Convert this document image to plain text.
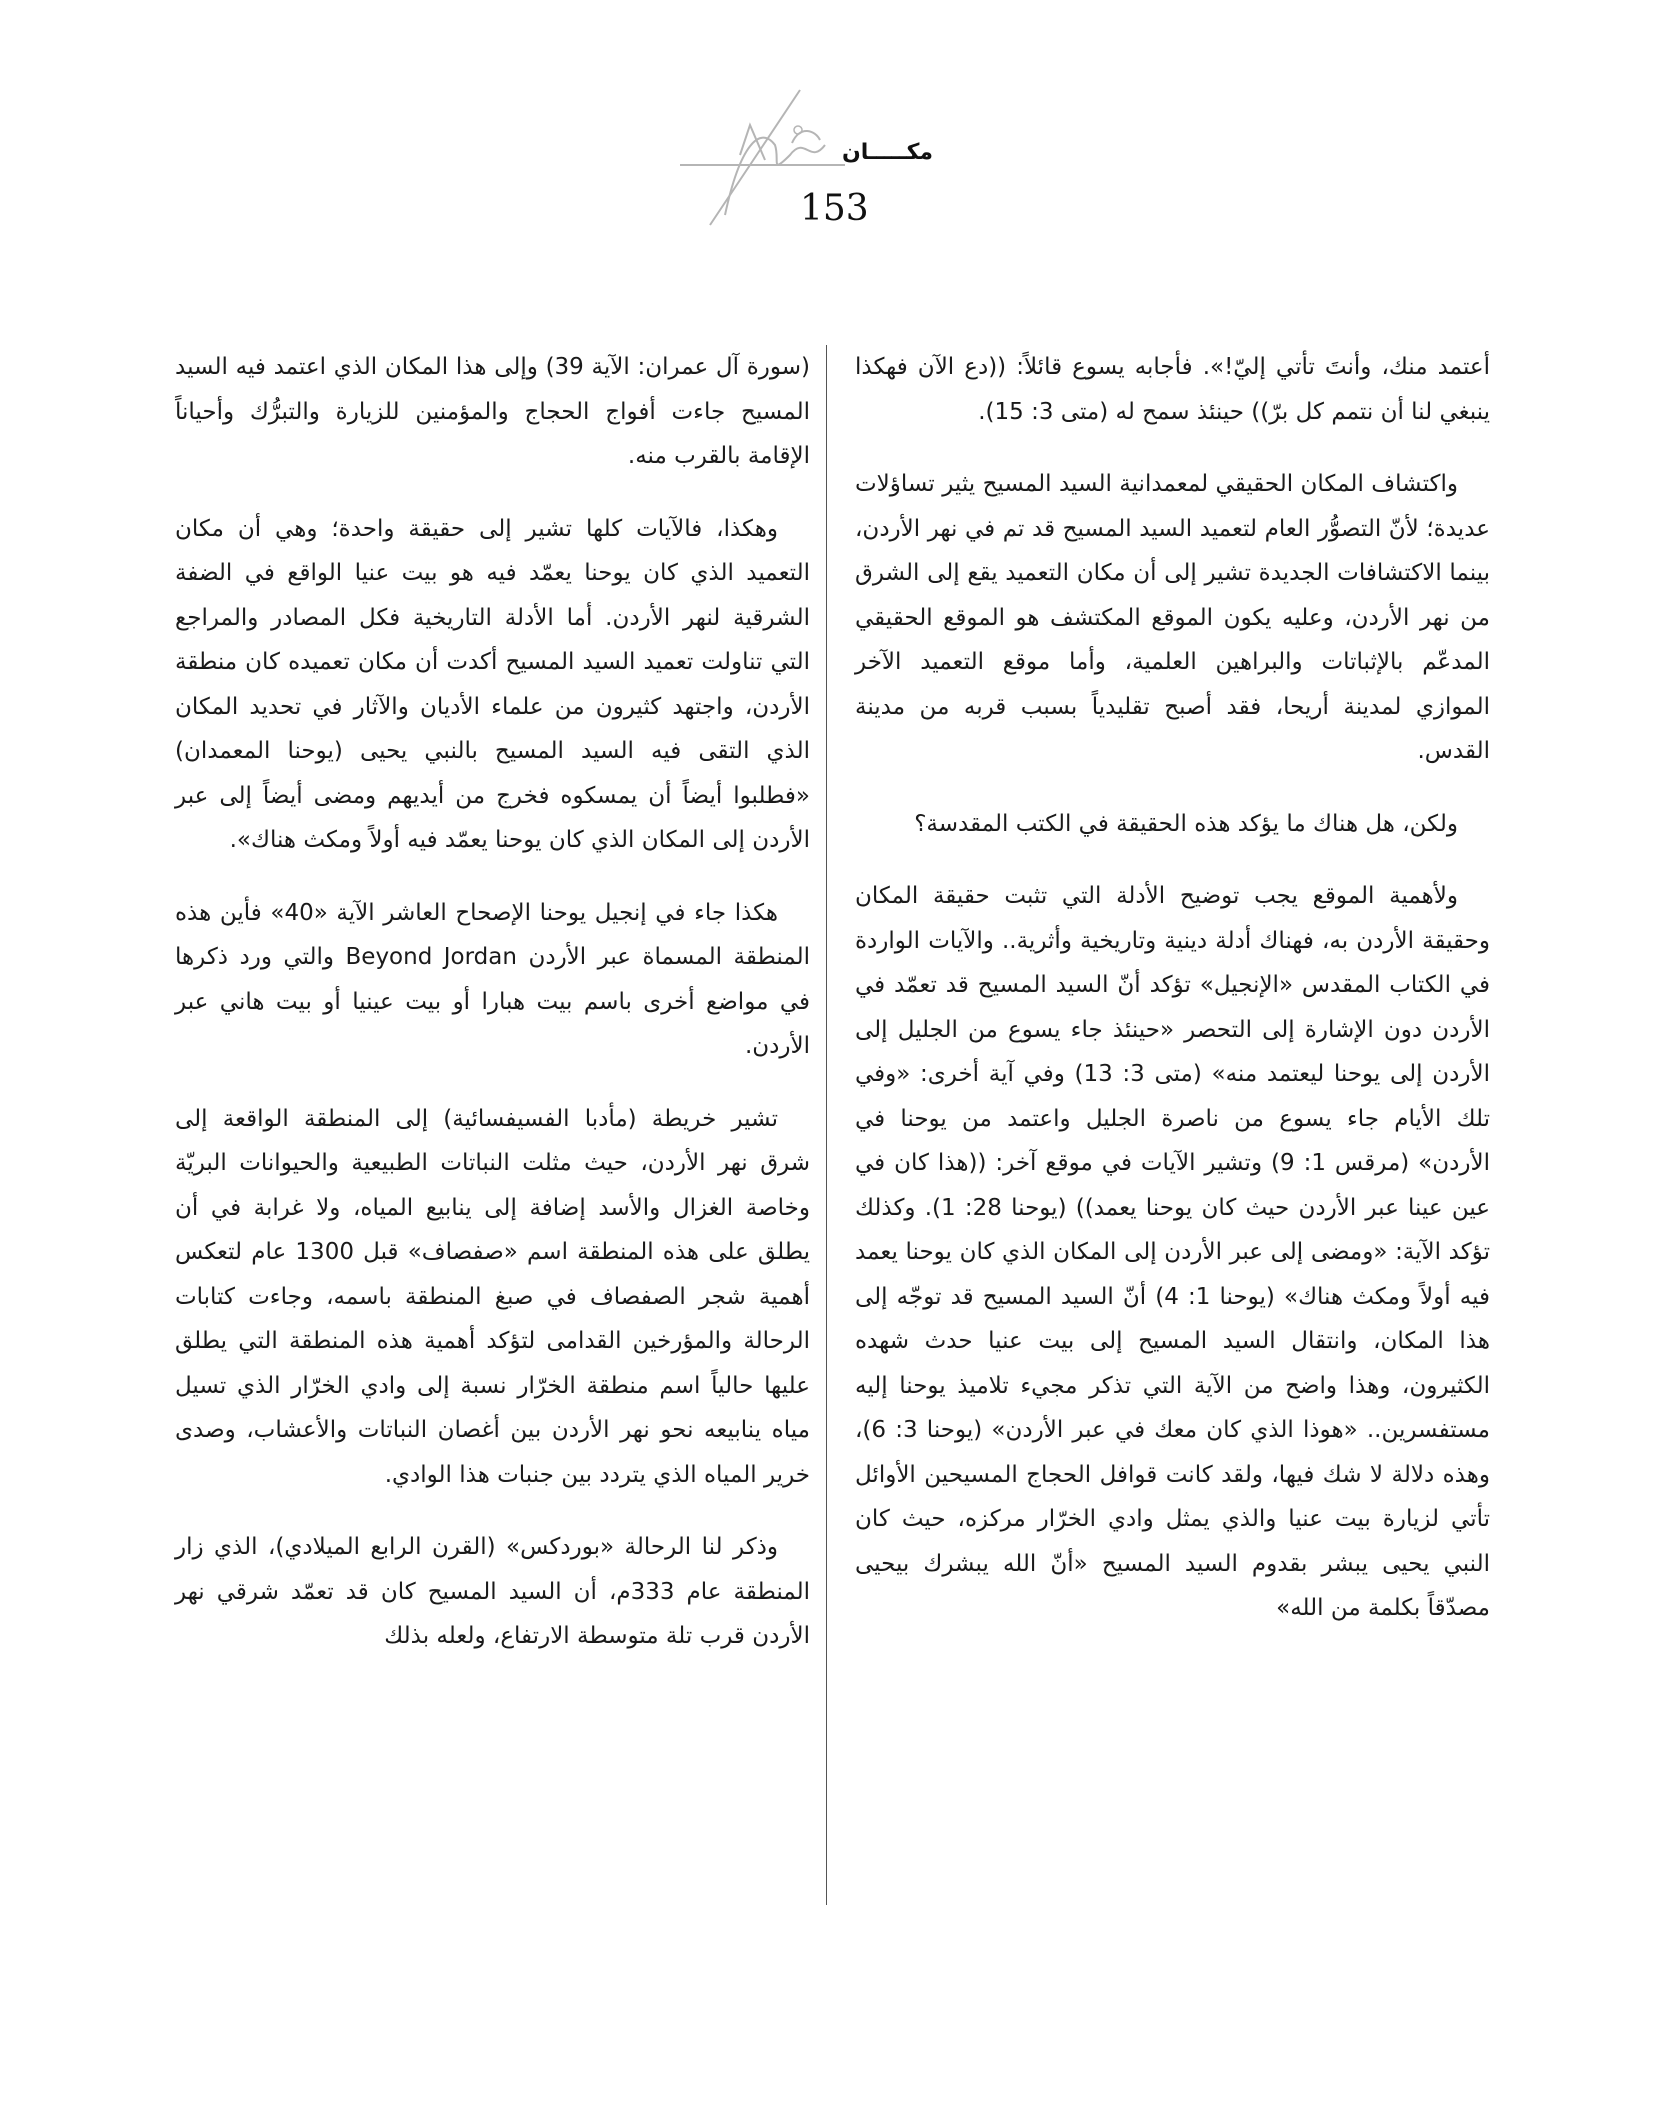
مكـــــان
153

أعتمد منك، وأنتَ تأتي إليّ!». فأجابه يسوع قائلاً: ((دع الآن فهكذا ينبغي لنا أن نتمم كل برّ)) حينئذ سمح له (متى 3: 15).

واكتشاف المكان الحقيقي لمعمدانية السيد المسيح يثير تساؤلات عديدة؛ لأنّ التصوُّر العام لتعميد السيد المسيح قد تم في نهر الأردن، بينما الاكتشافات الجديدة تشير إلى أن مكان التعميد يقع إلى الشرق من نهر الأردن، وعليه يكون الموقع المكتشف هو الموقع الحقيقي المدعّم بالإثباتات والبراهين العلمية، وأما موقع التعميد الآخر الموازي لمدينة أريحا، فقد أصبح تقليدياً بسبب قربه من مدينة القدس.

ولكن، هل هناك ما يؤكد هذه الحقيقة في الكتب المقدسة؟

ولأهمية الموقع يجب توضيح الأدلة التي تثبت حقيقة المكان وحقيقة الأردن به، فهناك أدلة دينية وتاريخية وأثرية.. والآيات الواردة في الكتاب المقدس «الإنجيل» تؤكد أنّ السيد المسيح قد تعمّد في الأردن دون الإشارة إلى التحصر «حينئذ جاء يسوع من الجليل إلى الأردن إلى يوحنا ليعتمد منه» (متى 3: 13) وفي آية أخرى: «وفي تلك الأيام جاء يسوع من ناصرة الجليل واعتمد من يوحنا في الأردن» (مرقس 1: 9) وتشير الآيات في موقع آخر: ((هذا كان في عين عينا عبر الأردن حيث كان يوحنا يعمد)) (يوحنا 28: 1). وكذلك تؤكد الآية: «ومضى إلى عبر الأردن إلى المكان الذي كان يوحنا يعمد فيه أولاً ومكث هناك» (يوحنا 1: 4) أنّ السيد المسيح قد توجّه إلى هذا المكان، وانتقال السيد المسيح إلى بيت عنيا حدث شهده الكثيرون، وهذا واضح من الآية التي تذكر مجيء تلاميذ يوحنا إليه مستفسرين.. «هوذا الذي كان معك في عبر الأردن» (يوحنا 3: 6)، وهذه دلالة لا شك فيها، ولقد كانت قوافل الحجاج المسيحين الأوائل تأتي لزيارة بيت عنيا والذي يمثل وادي الخرّار مركزه، حيث كان النبي يحيى يبشر بقدوم السيد المسيح «أنّ الله يبشرك بيحيى مصدّقاً بكلمة من الله»

(سورة آل عمران: الآية 39) وإلى هذا المكان الذي اعتمد فيه السيد المسيح جاءت أفواج الحجاج والمؤمنين للزيارة والتبرُّك وأحياناً الإقامة بالقرب منه.

وهكذا، فالآيات كلها تشير إلى حقيقة واحدة؛ وهي أن مكان التعميد الذي كان يوحنا يعمّد فيه هو بيت عنيا الواقع في الضفة الشرقية لنهر الأردن. أما الأدلة التاريخية فكل المصادر والمراجع التي تناولت تعميد السيد المسيح أكدت أن مكان تعميده كان منطقة الأردن، واجتهد كثيرون من علماء الأديان والآثار في تحديد المكان الذي التقى فيه السيد المسيح بالنبي يحيى (يوحنا المعمدان) «فطلبوا أيضاً أن يمسكوه فخرج من أيديهم ومضى أيضاً إلى عبر الأردن إلى المكان الذي كان يوحنا يعمّد فيه أولاً ومكث هناك».

هكذا جاء في إنجيل يوحنا الإصحاح العاشر الآية «40» فأين هذه المنطقة المسماة عبر الأردن Beyond Jordan والتي ورد ذكرها في مواضع أخرى باسم بيت هبارا أو بيت عينيا أو بيت هاني عبر الأردن.

تشير خريطة (مأدبا الفسيفسائية) إلى المنطقة الواقعة إلى شرق نهر الأردن، حيث مثلت النباتات الطبيعية والحيوانات البريّة وخاصة الغزال والأسد إضافة إلى ينابيع المياه، ولا غرابة في أن يطلق على هذه المنطقة اسم «صفصاف» قبل 1300 عام لتعكس أهمية شجر الصفصاف في صبغ المنطقة باسمه، وجاءت كتابات الرحالة والمؤرخين القدامى لتؤكد أهمية هذه المنطقة التي يطلق عليها حالياً اسم منطقة الخرّار نسبة إلى وادي الخرّار الذي تسيل مياه ينابيعه نحو نهر الأردن بين أغصان النباتات والأعشاب، وصدى خرير المياه الذي يتردد بين جنبات هذا الوادي.

وذكر لنا الرحالة «بوردكس» (القرن الرابع الميلادي)، الذي زار المنطقة عام 333م، أن السيد المسيح كان قد تعمّد شرقي نهر الأردن قرب تلة متوسطة الارتفاع، ولعله بذلك
